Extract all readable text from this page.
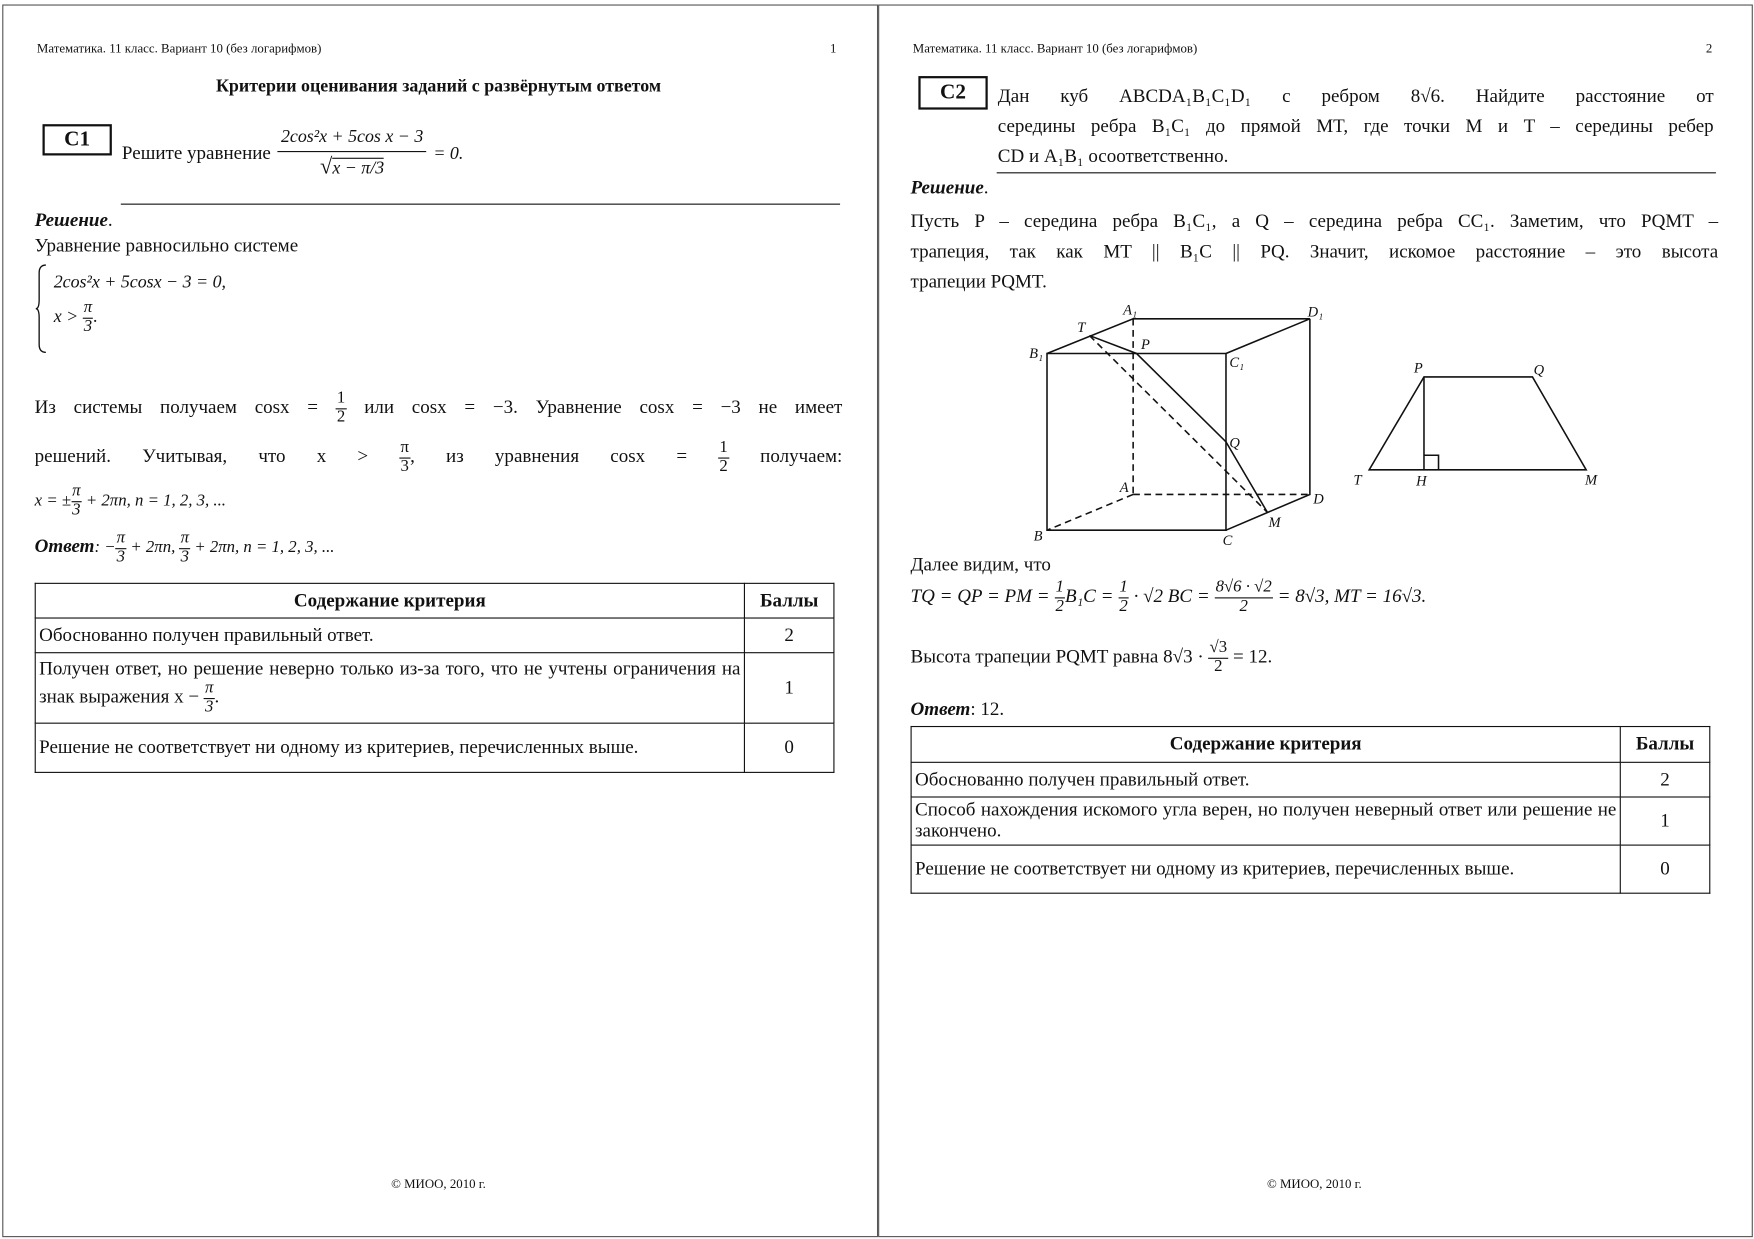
Математика. 11 класс. Вариант 10 (без логарифмов)	1
Критерии оценивания заданий с развёрнутым ответом
C1
Решите уравнение $\frac{\text{2cos²x + 5cos x − 3}}{√x - \pi/3} = 0$.
Решение.
Уравнение равносильно системе
2cos²x + 5cosx − 3 = 0,
$x > \frac{\pi}{3}$ .
Из системы получаем $\cos x = \frac{1}{2}$ или cosx = −3. Уравнение cosx = −3 не имеет
решений. Учитывая, что $x > \frac{\pi}{3}$ , из уравнения $\cos x = \frac{1}{2}$ получаем:
x = ± $\frac{\pi}{3} + 2\pi n$, n = 1, 2, 3, ...
Ответ: − $\frac{\pi}{3} + 2\pi n$, $\frac{\pi}{3} + 2\pi n$, n = 1, 2, 3, ...
Содержание критерия	Баллы
Обоснованно получен правильный ответ.	2
Получен ответ, но решение неверно только из-за того, что не учтены ограничения на знак выражения $x - \frac{\pi}{3}$ .	1
Решение не соответствует ни одному из критериев, перечисленных выше.	0
© МИОО, 2010 г.
Математика. 11 класс. Вариант 10 (без логарифмов)	2
C2	Дан куб ABCDA₁B₁C₁D₁ с ребром 8√6. Найдите расстояние от
середины ребра B₁C₁ до прямой MT, где точки M и T – середины ребер
CD и A₁B₁ осоответственно.
Решение.
Пусть P – середина ребра B₁C₁, а Q – середина ребра CC₁. Заметим, что PQMT –
трапеция, так как MT || B₁C || PQ. Значит, искомое расстояние – это высота
трапеции PQMT.
A₁	D₁
B₁
C₁
T
P
Q
A
D
B	C
M
P	Q
T	H	M
Далее видим, что
TQ = QP = PM = $\frac{1}{2} B_1C = \frac{1}{2} \cdot √2$ BC = $\frac{8√6 \cdot √2}{2} = 8√3$, MT = 16√3.
Высота трапеции PQMT равна $8√3 \cdot \frac{√3}{2} = 12$.
Ответ: 12.
Содержание критерия	Баллы
Обоснованно получен правильный ответ.	2
Способ нахождения искомого угла верен, но получен неверный ответ или решение не закончено.	1
Решение не соответствует ни одному из критериев, перечисленных выше.	0
© МИОО, 2010 г.
